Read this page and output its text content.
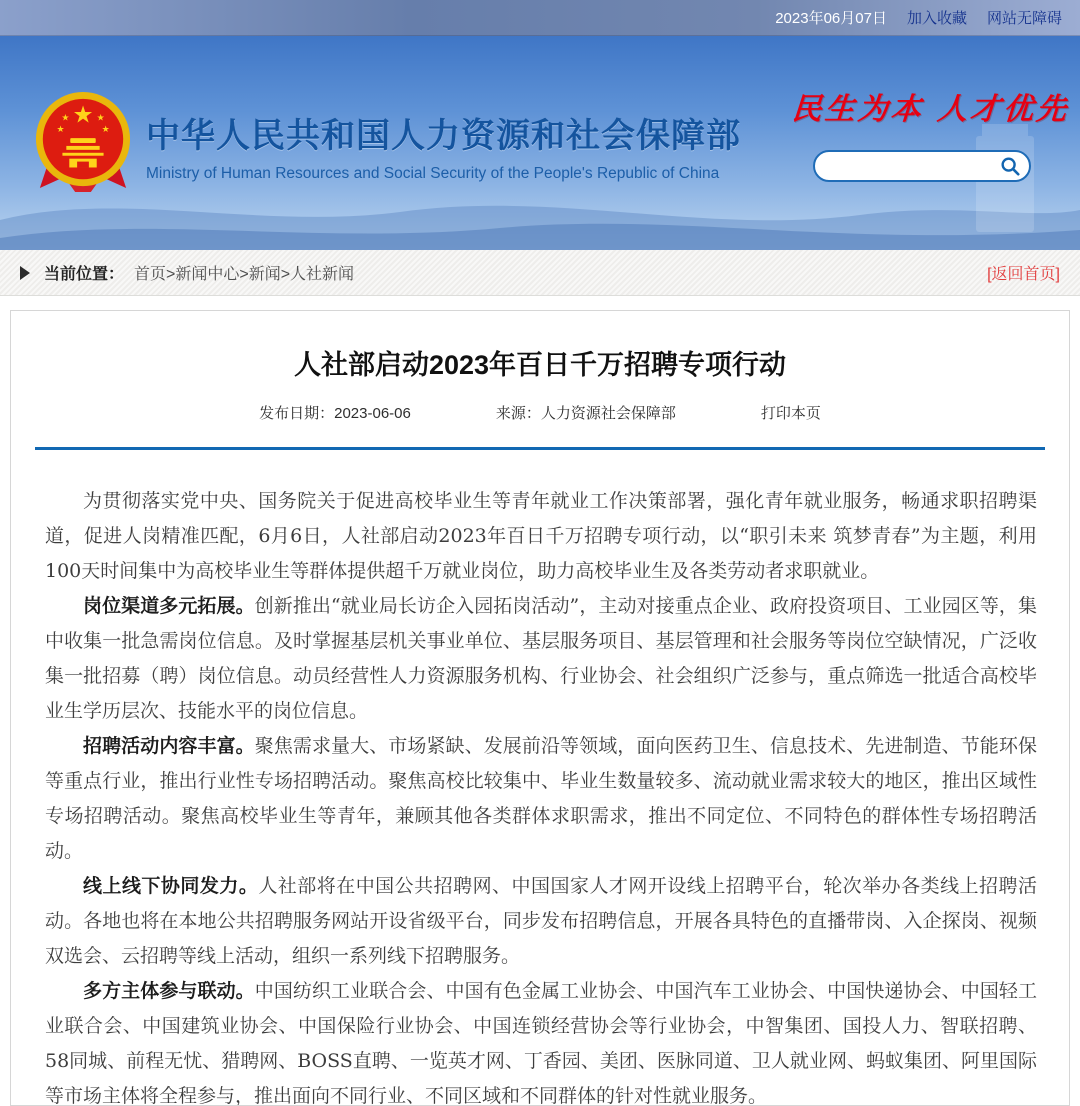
2023年06月07日 加入收藏 网站无障碍
★
★	★
★	★ 中华人民共和国人力资源和社会保障部
Ministry of Human Resources and Social Security of the People's Republic of China
民生为本 人才优先
当前位置： 首页>新闻中心>新闻>人社新闻	[返回首页]
人社部启动2023年百日千万招聘专项行动
发布日期：2023-06-06	来源：人力资源社会保障部	打印本页

为贯彻落实党中央、国务院关于促进高校毕业生等青年就业工作决策部署，强化青年就业服务，畅通求职招聘渠道，促进人岗精准匹配，6月6日，人社部启动2023年百日千万招聘专项行动，以“职引未来 筑梦青春”为主题，利用100天时间集中为高校毕业生等群体提供超千万就业岗位，助力高校毕业生及各类劳动者求职就业。

岗位渠道多元拓展。创新推出“就业局长访企入园拓岗活动”，主动对接重点企业、政府投资项目、工业园区等，集中收集一批急需岗位信息。及时掌握基层机关事业单位、基层服务项目、基层管理和社会服务等岗位空缺情况，广泛收集一批招募（聘）岗位信息。动员经营性人力资源服务机构、行业协会、社会组织广泛参与，重点筛选一批适合高校毕业生学历层次、技能水平的岗位信息。

招聘活动内容丰富。聚焦需求量大、市场紧缺、发展前沿等领域，面向医药卫生、信息技术、先进制造、节能环保等重点行业，推出行业性专场招聘活动。聚焦高校比较集中、毕业生数量较多、流动就业需求较大的地区，推出区域性专场招聘活动。聚焦高校毕业生等青年，兼顾其他各类群体求职需求，推出不同定位、不同特色的群体性专场招聘活动。

线上线下协同发力。人社部将在中国公共招聘网、中国国家人才网开设线上招聘平台，轮次举办各类线上招聘活动。各地也将在本地公共招聘服务网站开设省级平台，同步发布招聘信息，开展各具特色的直播带岗、入企探岗、视频双选会、云招聘等线上活动，组织一系列线下招聘服务。

多方主体参与联动。中国纺织工业联合会、中国有色金属工业协会、中国汽车工业协会、中国快递协会、中国轻工业联合会、中国建筑业协会、中国保险行业协会、中国连锁经营协会等行业协会，中智集团、国投人力、智联招聘、58同城、前程无忧、猎聘网、BOSS直聘、一览英才网、丁香园、美团、医脉同道、卫人就业网、蚂蚁集团、阿里国际等市场主体将全程参与，推出面向不同行业、不同区域和不同群体的针对性就业服务。
